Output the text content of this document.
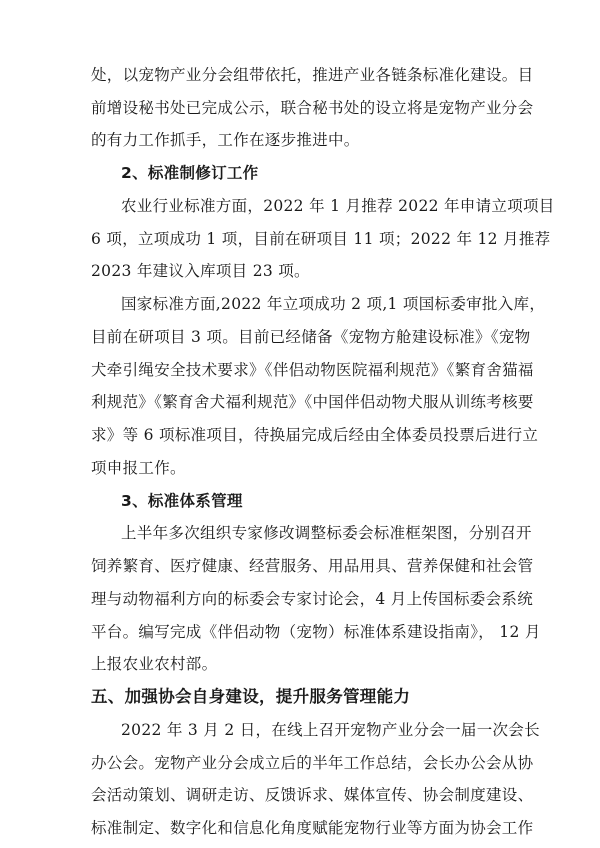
处，以宠物产业分会组带依托，推进产业各链条标准化建设。目
前增设秘书处已完成公示，联合秘书处的设立将是宠物产业分会
的有力工作抓手，工作在逐步推进中。
2、标准制修订工作
农业行业标准方面，2022 年 1 月推荐 2022 年申请立项项目
6 项，立项成功 1 项，目前在研项目 11 项；2022 年 12 月推荐
2023 年建议入库项目 23 项。
国家标准方面,2022 年立项成功 2 项,1 项国标委审批入库，
目前在研项目 3 项。目前已经储备《宠物方舱建设标准》《宠物
犬牵引绳安全技术要求》《伴侣动物医院福利规范》《繁育舍猫福
利规范》《繁育舍犬福利规范》《中国伴侣动物犬服从训练考核要
求》等 6 项标准项目，待换届完成后经由全体委员投票后进行立
项申报工作。
3、标准体系管理
上半年多次组织专家修改调整标委会标准框架图，分别召开
饲养繁育、医疗健康、经营服务、用品用具、营养保健和社会管
理与动物福利方向的标委会专家讨论会，4 月上传国标委会系统
平台。编写完成《伴侣动物（宠物）标准体系建设指南》， 12 月
上报农业农村部。
五、加强协会自身建设，提升服务管理能力
2022 年 3 月 2 日，在线上召开宠物产业分会一届一次会长
办公会。宠物产业分会成立后的半年工作总结，会长办公会从协
会活动策划、调研走访、反馈诉求、媒体宣传、协会制度建设、
标准制定、数字化和信息化角度赋能宠物行业等方面为协会工作
